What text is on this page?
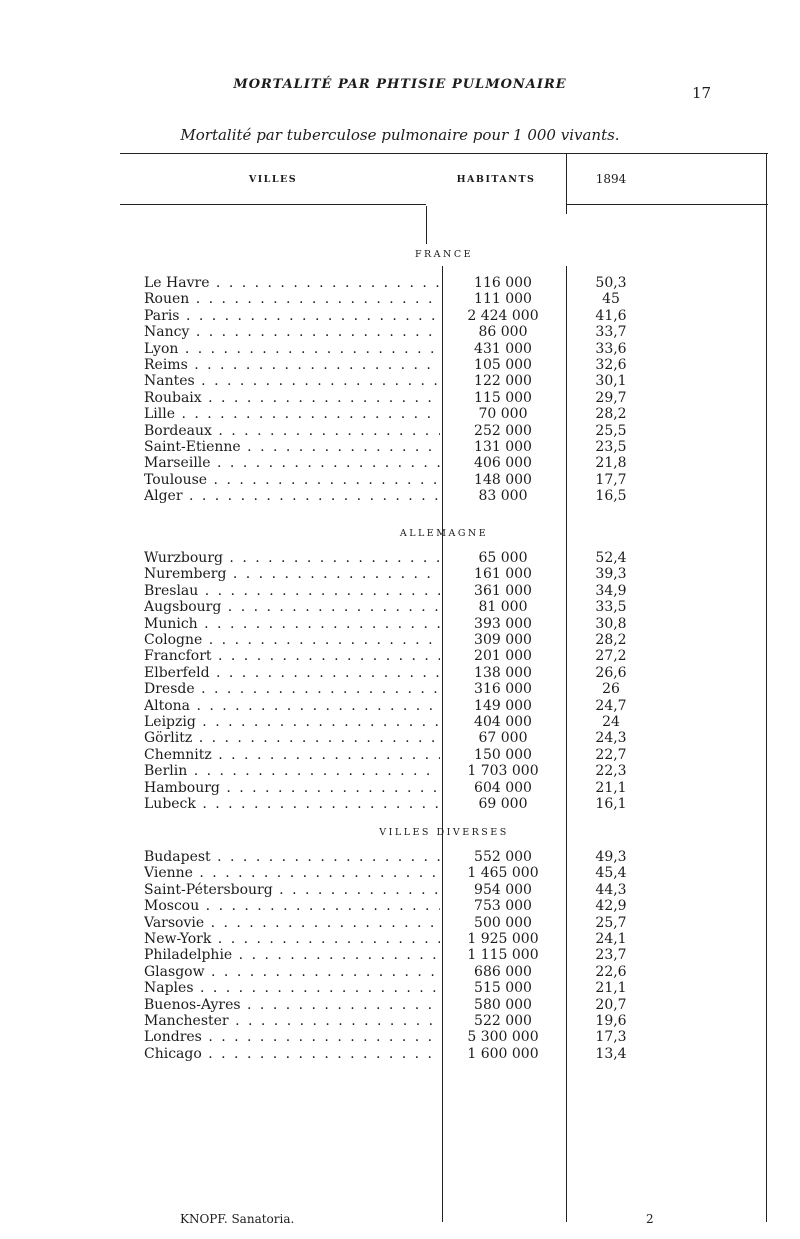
MORTALITÉ PAR PHTISIE PULMONAIRE	17
Mortalité par tuberculose pulmonaire pour 1 000 vivants.
VILLES	HABITANTS	1894
FRANCE
Le Havre . . .	116 000	50,3
Rouen . . .	111 000	45
Paris . . .	2 424 000	41,6
Nancy . . .	86 000	33,7
Lyon . . .	431 000	33,6
Reims . . .	105 000	32,6
Nantes . . .	122 000	30,1
Roubaix . . .	115 000	29,7
Lille . . .	70 000	28,2
Bordeaux . . .	252 000	25,5
Saint-Etienne . . .	131 000	23,5
Marseille . . .	406 000	21,8
Toulouse . . .	148 000	17,7
Alger . . .	83 000	16,5
ALLEMAGNE
Wurzbourg . . .	65 000	52,4
Nuremberg . . .	161 000	39,3
Breslau . . .	361 000	34,9
Augsbourg . . .	81 000	33,5
Munich . . .	393 000	30,8
Cologne . . .	309 000	28,2
Francfort . . .	201 000	27,2
Elberfeld . . .	138 000	26,6
Dresde . . .	316 000	26
Altona . . .	149 000	24,7
Leipzig . . .	404 000	24
Görlitz . . .	67 000	24,3
Chemnitz . . .	150 000	22,7
Berlin . . .	1 703 000	22,3
Hambourg . . .	604 000	21,1
Lubeck . . .	69 000	16,1
VILLES DIVERSES
Budapest . . .	552 000	49,3
Vienne . . .	1 465 000	45,4
Saint-Pétersbourg . . .	954 000	44,3
Moscou . . .	753 000	42,9
Varsovie . . .	500 000	25,7
New-York . . .	1 925 000	24,1
Philadelphie . . .	1 115 000	23,7
Glasgow . . .	686 000	22,6
Naples . . .	515 000	21,1
Buenos-Ayres . . .	580 000	20,7
Manchester . . .	522 000	19,6
Londres . . .	5 300 000	17,3
Chicago . . .	1 600 000	13,4
KNOPF. Sanatoria.	2
